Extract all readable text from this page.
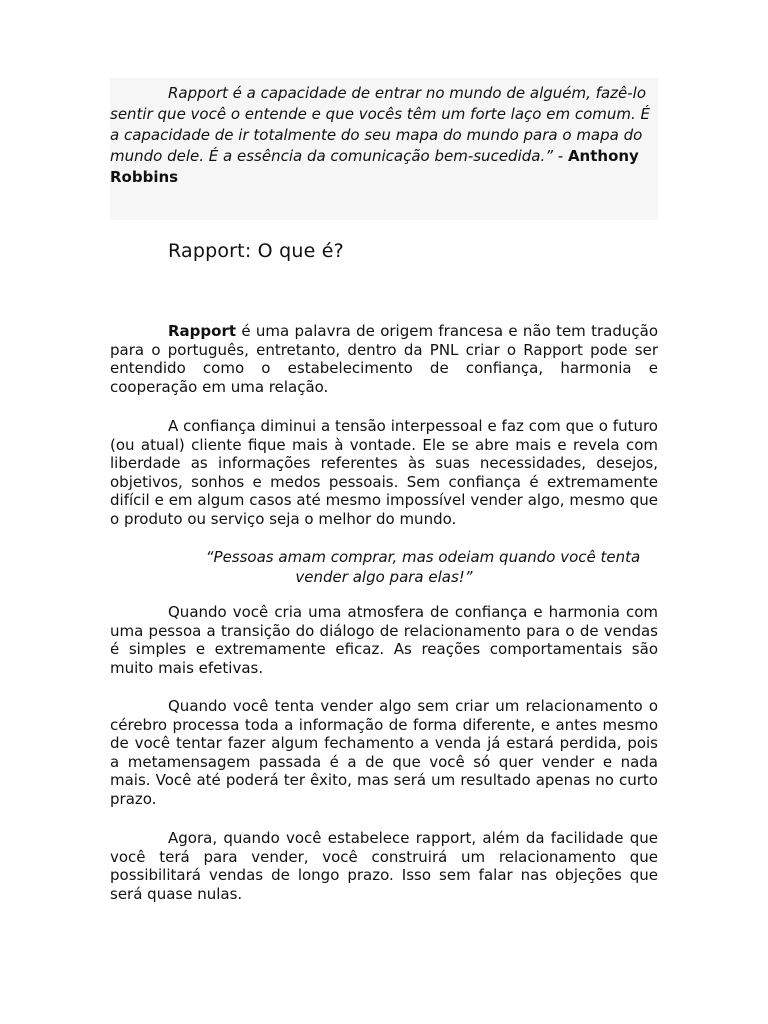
Rapport é a capacidade de entrar no mundo de alguém, fazê-lo sentir que você o entende e que vocês têm um forte laço em comum. É a capacidade de ir totalmente do seu mapa do mundo para o mapa do mundo dele. É a essência da comunicação bem-sucedida.” - Anthony Robbins

Rapport: O que é?

Rapport é uma palavra de origem francesa e não tem tradução para o português, entretanto, dentro da PNL criar o Rapport pode ser entendido como o estabelecimento de confiança, harmonia e cooperação em uma relação.

A confiança diminui a tensão interpessoal e faz com que o futuro (ou atual) cliente fique mais à vontade. Ele se abre mais e revela com liberdade as informações referentes às suas necessidades, desejos, objetivos, sonhos e medos pessoais. Sem confiança é extremamente difícil e em algum casos até mesmo impossível vender algo, mesmo que o produto ou serviço seja o melhor do mundo.

“Pessoas amam comprar, mas odeiam quando você tenta
vender algo para elas!”

Quando você cria uma atmosfera de confiança e harmonia com uma pessoa a transição do diálogo de relacionamento para o de vendas é simples e extremamente eficaz. As reações comportamentais são muito mais efetivas.

Quando você tenta vender algo sem criar um relacionamento o cérebro processa toda a informação de forma diferente, e antes mesmo de você tentar fazer algum fechamento a venda já estará perdida, pois a metamensagem passada é a de que você só quer vender e nada mais. Você até poderá ter êxito, mas será um resultado apenas no curto prazo.

Agora, quando você estabelece rapport, além da facilidade que você terá para vender, você construirá um relacionamento que possibilitará vendas de longo prazo. Isso sem falar nas objeções que será quase nulas.
